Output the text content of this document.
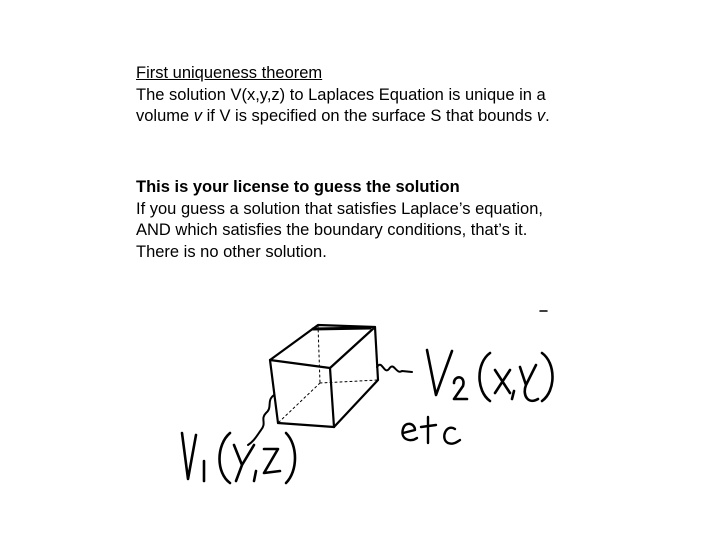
First uniqueness theorem
The solution V(x,y,z) to Laplaces Equation is unique in a
volume v if V is specified on the surface S that bounds v.
This is your license to guess the solution
If you guess a solution that satisfies Laplace’s equation,
AND which satisfies the boundary conditions, that’s it.
There is no other solution.
V2(x,y)
etc
V1(y,z)
